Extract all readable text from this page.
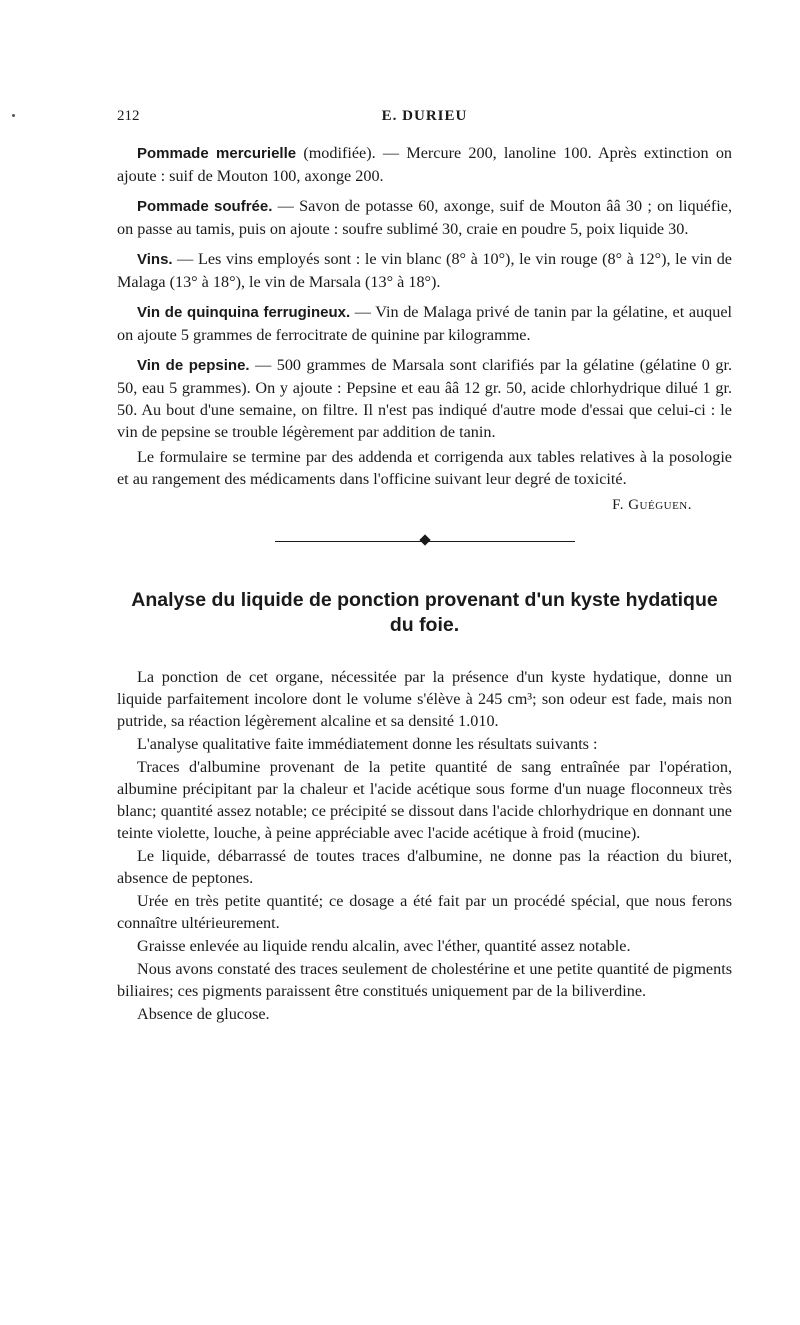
212	E. DURIEU

Pommade mercurielle (modifiée). — Mercure 200, lanoline 100. Après extinction on ajoute : suif de Mouton 100, axonge 200.

Pommade soufrée. — Savon de potasse 60, axonge, suif de Mouton ââ 30 ; on liquéfie, on passe au tamis, puis on ajoute : soufre sublimé 30, craie en poudre 5, poix liquide 30.

Vins. — Les vins employés sont : le vin blanc (8° à 10°), le vin rouge (8° à 12°), le vin de Malaga (13° à 18°), le vin de Marsala (13° à 18°).

Vin de quinquina ferrugineux. — Vin de Malaga privé de tanin par la gélatine, et auquel on ajoute 5 grammes de ferrocitrate de quinine par kilogramme.

Vin de pepsine. — 500 grammes de Marsala sont clarifiés par la gélatine (gélatine 0 gr. 50, eau 5 grammes). On y ajoute : Pepsine et eau ââ 12 gr. 50, acide chlorhydrique dilué 1 gr. 50. Au bout d'une semaine, on filtre. Il n'est pas indiqué d'autre mode d'essai que celui-ci : le vin de pepsine se trouble légèrement par addition de tanin.

Le formulaire se termine par des addenda et corrigenda aux tables relatives à la posologie et au rangement des médicaments dans l'officine suivant leur degré de toxicité.

F. Guéguen.

Analyse du liquide de ponction provenant d'un kyste hydatique du foie.

La ponction de cet organe, nécessitée par la présence d'un kyste hydatique, donne un liquide parfaitement incolore dont le volume s'élève à 245 cm³; son odeur est fade, mais non putride, sa réaction légèrement alcaline et sa densité 1.010.

L'analyse qualitative faite immédiatement donne les résultats suivants :

Traces d'albumine provenant de la petite quantité de sang entraînée par l'opération, albumine précipitant par la chaleur et l'acide acétique sous forme d'un nuage floconneux très blanc; quantité assez notable; ce précipité se dissout dans l'acide chlorhydrique en donnant une teinte violette, louche, à peine appréciable avec l'acide acétique à froid (mucine).

Le liquide, débarrassé de toutes traces d'albumine, ne donne pas la réaction du biuret, absence de peptones.

Urée en très petite quantité; ce dosage a été fait par un procédé spécial, que nous ferons connaître ultérieurement.

Graisse enlevée au liquide rendu alcalin, avec l'éther, quantité assez notable.

Nous avons constaté des traces seulement de cholestérine et une petite quantité de pigments biliaires; ces pigments paraissent être constitués uniquement par de la biliverdine.

Absence de glucose.
